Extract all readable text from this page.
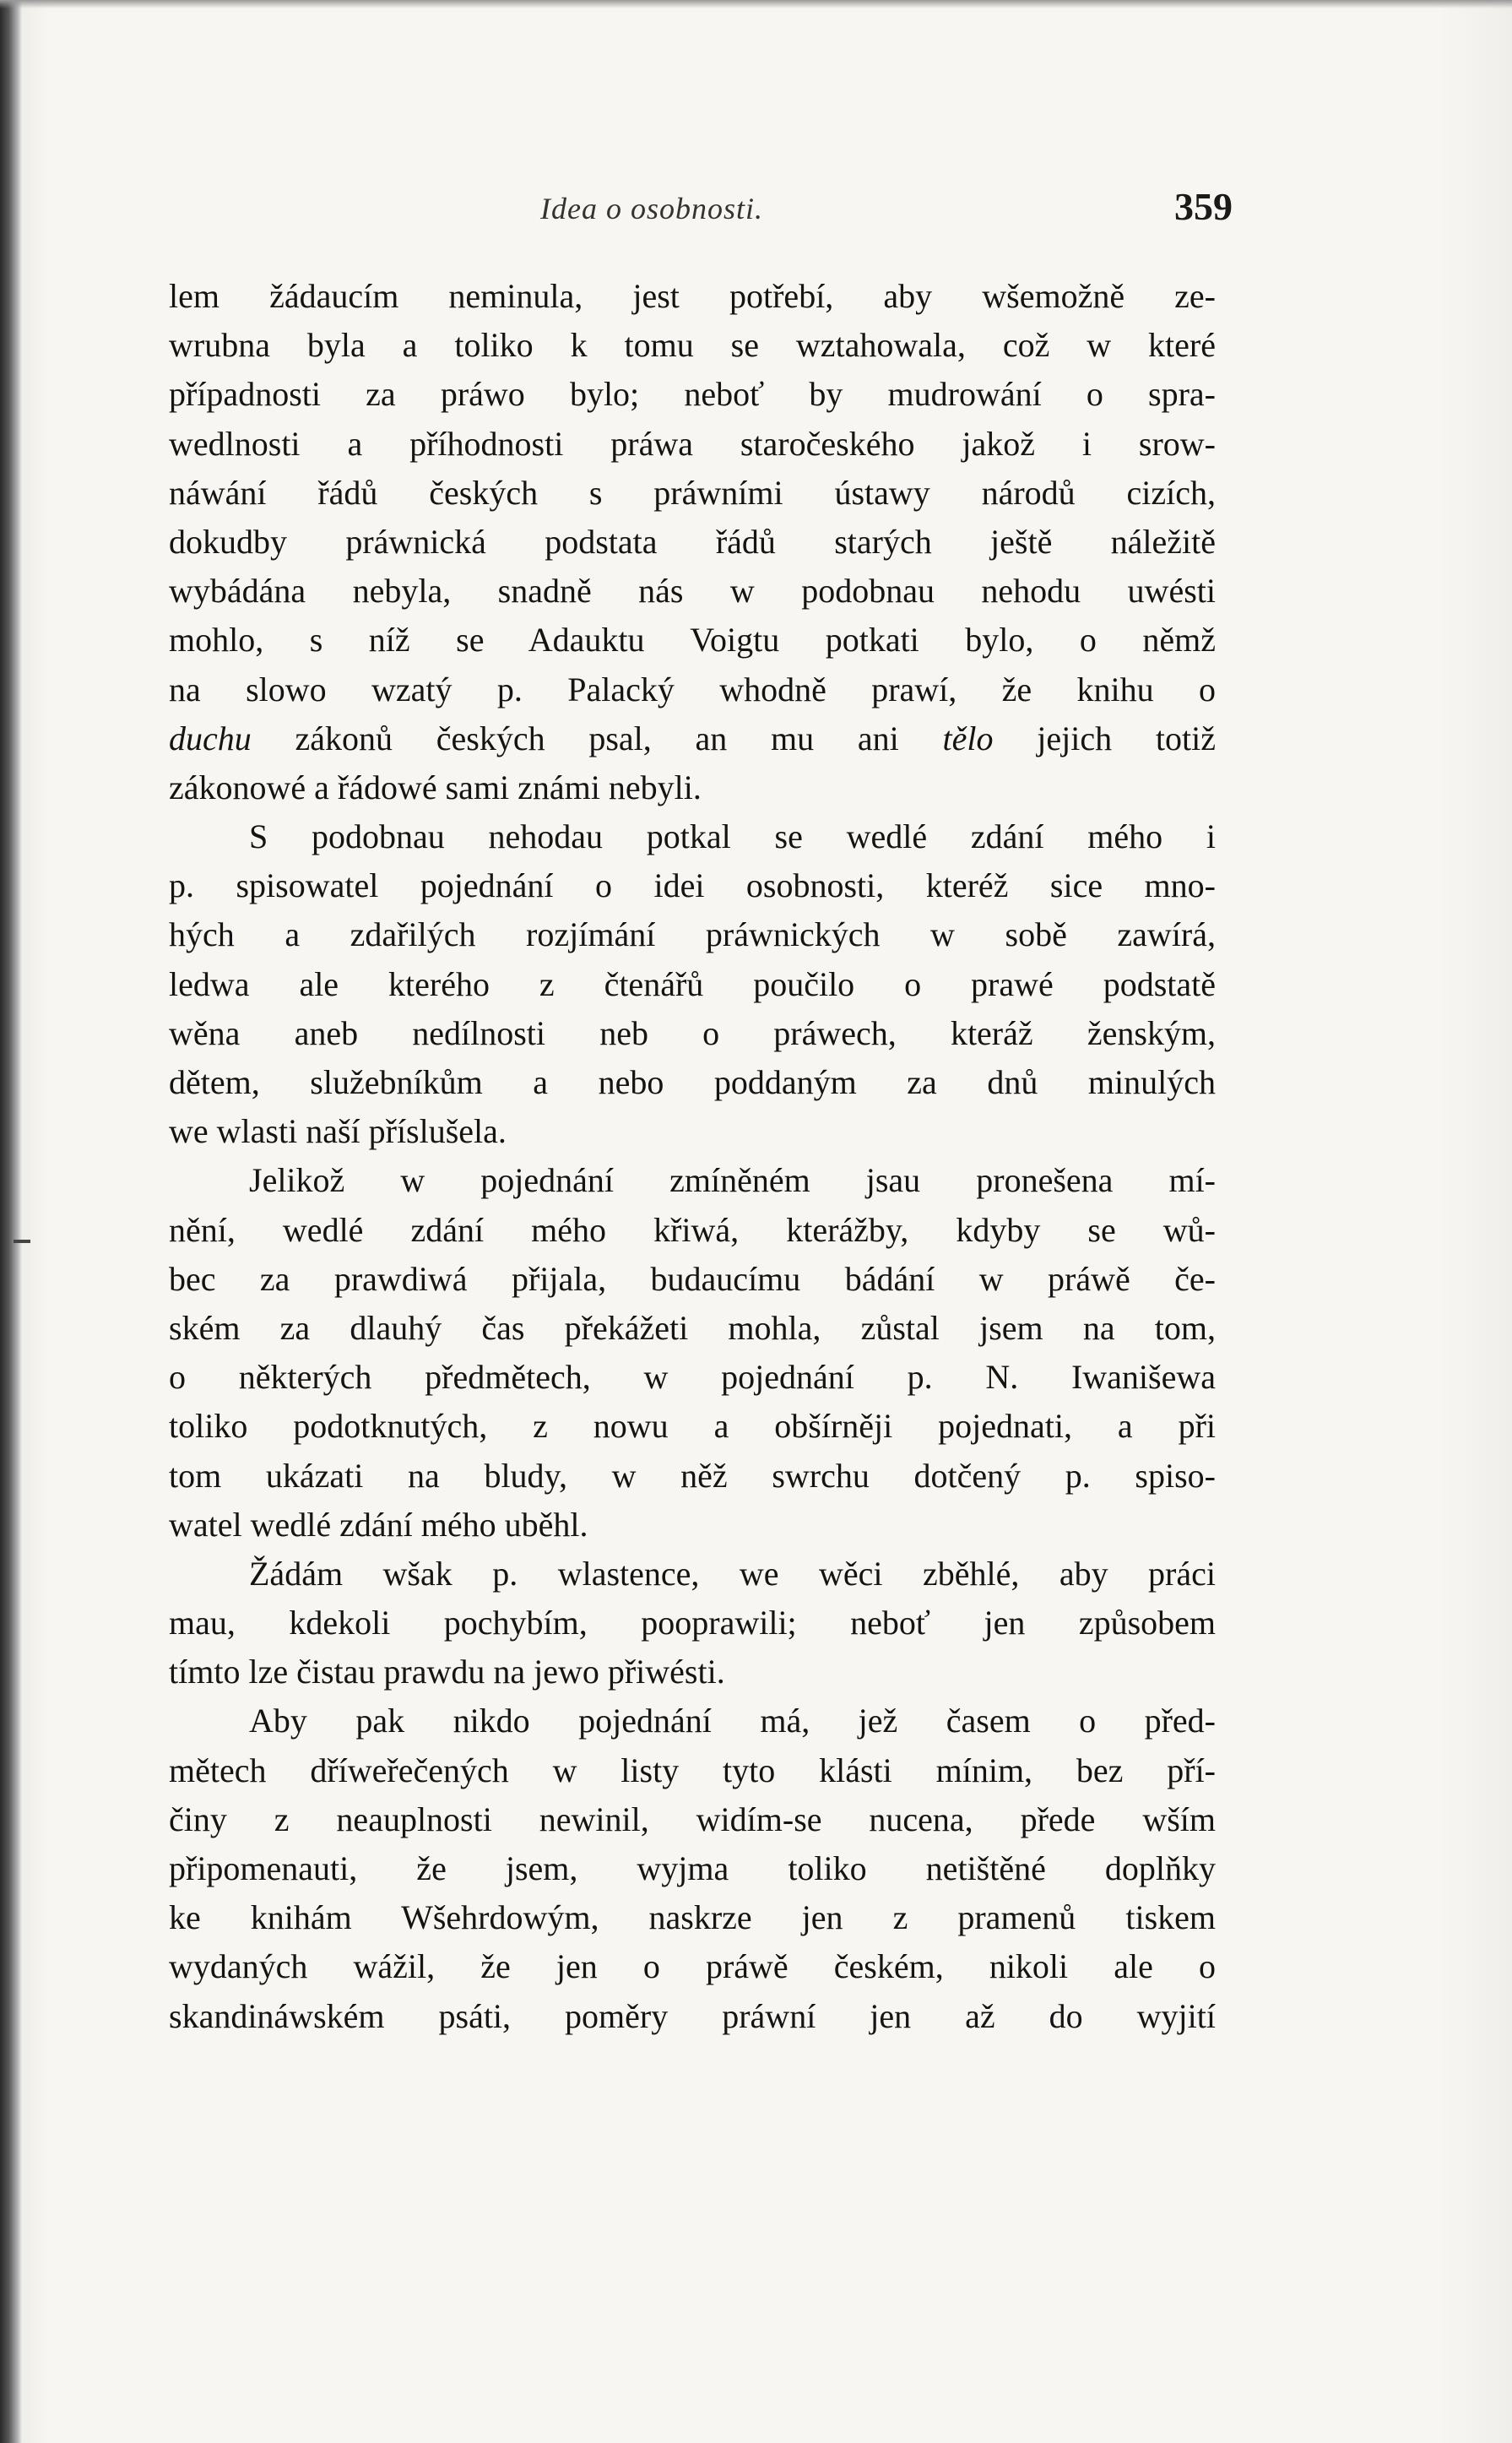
Idea o osobnosti.	359
lem žádaucím neminula, jest potřebí, aby wšemožně ze-
wrubna byla a toliko k tomu se wztahowala, což w které
případnosti za práwo bylo; neboť by mudrowání o spra-
wedlnosti a příhodnosti práwa staročeského jakož i srow-
náwání řádů českých s práwními ústawy národů cizích,
dokudby práwnická podstata řádů starých ještě náležitě
wybádána nebyla, snadně nás w podobnau nehodu uwésti
mohlo, s níž se Adauktu Voigtu potkati bylo, o němž
na slowo wzatý p. Palacký whodně prawí, že knihu o
duchu zákonů českých psal, an mu ani tělo jejich totiž
zákonowé a řádowé sami známi nebyli.
S podobnau nehodau potkal se wedlé zdání mého i
p. spisowatel pojednání o idei osobnosti, kteréž sice mno-
hých a zdařilých rozjímání práwnických w sobě zawírá,
ledwa ale kterého z čtenářů poučilo o prawé podstatě
wěna aneb nedílnosti neb o práwech, kteráž ženským,
dětem, služebníkům a nebo poddaným za dnů minulých
we wlasti naší příslušela.
Jelikož w pojednání zmíněném jsau pronešena mí-
nění, wedlé zdání mého křiwá, kterážby, kdyby se wů-
bec za prawdiwá přijala, budaucímu bádání w práwě če-
ském za dlauhý čas překážeti mohla, zůstal jsem na tom,
o některých předmětech, w pojednání p. N. Iwanišewa
toliko podotknutých, z nowu a obšírněji pojednati, a při
tom ukázati na bludy, w něž swrchu dotčený p. spiso-
watel wedlé zdání mého uběhl.
Žádám wšak p. wlastence, we wěci zběhlé, aby práci
mau, kdekoli pochybím, pooprawili; neboť jen způsobem
tímto lze čistau prawdu na jewo přiwésti.
Aby pak nikdo pojednání má, jež časem o před-
mětech dříweřečených w listy tyto klásti mínim, bez pří-
činy z neauplnosti newinil, widím-se nucena, přede wším
připomenauti, že jsem, wyjma toliko netištěné doplňky
ke knihám Wšehrdowým, naskrze jen z pramenů tiskem
wydaných wážil, že jen o práwě českém, nikoli ale o
skandináwském psáti, poměry práwní jen až do wyjití
